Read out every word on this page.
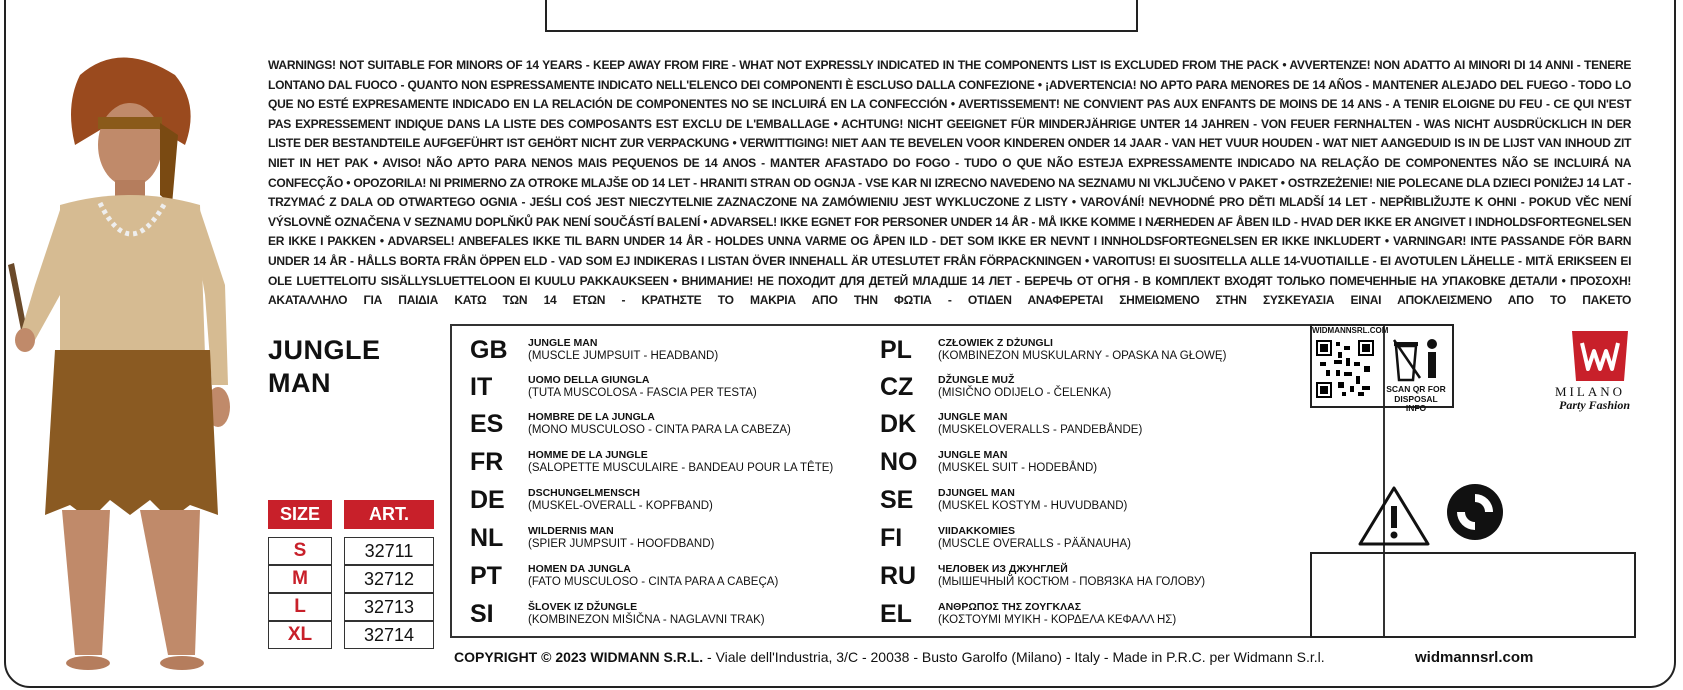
WARNINGS! NOT SUITABLE FOR MINORS OF 14 YEARS - KEEP AWAY FROM FIRE - WHAT NOT EXPRESSLY INDICATED IN THE COMPONENTS LIST IS EXCLUDED FROM THE PACK • AVVERTENZE! NON ADATTO AI MINORI DI 14 ANNI - TENERE LONTANO DAL FUOCO - QUANTO NON ESPRESSAMENTE INDICATO NELL'ELENCO DEI COMPONENTI È ESCLUSO DALLA CONFEZIONE • ¡ADVERTENCIA! NO APTO PARA MENORES DE 14 AÑOS - MANTENER ALEJADO DEL FUEGO - TODO LO QUE NO ESTÉ EXPRESAMENTE INDICADO EN LA RELACIÓN DE COMPONENTES NO SE INCLUIRÁ EN LA CONFECCIÓN • AVERTISSEMENT! NE CONVIENT PAS AUX ENFANTS DE MOINS DE 14 ANS - A TENIR ELOIGNE DU FEU - CE QUI N'EST PAS EXPRESSEMENT INDIQUE DANS LA LISTE DES COMPOSANTS EST EXCLU DE L'EMBALLAGE • ACHTUNG! NICHT GEEIGNET FÜR MINDERJÄHRIGE UNTER 14 JAHREN - VON FEUER FERNHALTEN - WAS NICHT AUSDRÜCKLICH IN DER LISTE DER BESTANDTEILE AUFGEFÜHRT IST GEHÖRT NICHT ZUR VERPACKUNG • VERWITTIGING! NIET AAN TE BEVELEN VOOR KINDEREN ONDER 14 JAAR - VAN HET VUUR HOUDEN - WAT NIET AANGEDUID IS IN DE LIJST VAN INHOUD ZIT NIET IN HET PAK • AVISO! NÃO APTO PARA NENOS MAIS PEQUENOS DE 14 ANOS - MANTER AFASTADO DO FOGO - TUDO O QUE NÃO ESTEJA EXPRESSAMENTE INDICADO NA RELAÇÃO DE COMPONENTES NÃO SE INCLUIRÁ NA CONFECÇÃO • OPOZORILA! NI PRIMERNO ZA OTROKE MLAJŠE OD 14 LET - HRANITI STRAN OD OGNJA - VSE KAR NI IZRECNO NAVEDENO NA SEZNAMU NI VKLJUČENO V PAKET • OSTRZEŻENIE! NIE POLECANE DLA DZIECI PONIŻEJ 14 LAT - TRZYMAĆ Z DALA OD OTWARTEGO OGNIA - JEŚLI COŚ JEST NIECZYTELNIE ZAZNACZONE NA ZAMÓWIENIU JEST WYKLUCZONE Z LISTY • VAROVÁNÍ! NEVHODNÉ PRO DĚTI MLADŠÍ 14 LET - NEPŘIBLIŽUJTE K OHNI - POKUD VĚC NENÍ VÝSLOVNĚ OZNAČENA V SEZNAMU DOPLŇKŮ PAK NENÍ SOUČÁSTÍ BALENÍ • ADVARSEL! IKKE EGNET FOR PERSONER UNDER 14 ÅR - MÅ IKKE KOMME I NÆRHEDEN AF ÅBEN ILD - HVAD DER IKKE ER ANGIVET I INDHOLDSFORTEGNELSEN ER IKKE I PAKKEN • ADVARSEL! ANBEFALES IKKE TIL BARN UNDER 14 ÅR - HOLDES UNNA VARME OG ÅPEN ILD - DET SOM IKKE ER NEVNT I INNHOLDSFORTEGNELSEN ER IKKE INKLUDERT • VARNINGAR! INTE PASSANDE FÖR BARN UNDER 14 ÅR - HÅLLS BORTA FRÅN ÖPPEN ELD - VAD SOM EJ INDIKERAS I LISTAN ÖVER INNEHALL ÄR UTESLUTET FRÅN FÖRPACKNINGEN • VAROITUS! EI SUOSITELLA ALLE 14-VUOTIAILLE - EI AVOTULEN LÄHELLE - MITÄ ERIKSEEN EI OLE LUETTELOITU SISÄLLYSLUETTELOON EI KUULU PAKKAUKSEEN • ВНИМАНИЕ! НЕ ПОХОДИТ ДЛЯ ДЕТЕЙ МЛАДШЕ 14 ЛЕТ - БЕРЕЧЬ ОТ ОГНЯ - В КОМПЛЕКТ ВХОДЯТ ТОЛЬКО ПОМЕЧЕННЫЕ НА УПАКОВКЕ ДЕТАЛИ • ΠΡΟΣΟΧΗ! ΑΚΑΤΑΛΛΗΛΟ ΓΙΑ ΠΑΙΔΙΑ ΚΑΤΩ ΤΩΝ 14 ΕΤΩΝ - ΚΡΑΤΗΣΤΕ ΤΟ ΜΑΚΡΙΑ ΑΠΟ ΤΗΝ ΦΩΤΙΑ - ΟΤΙΔΕΝ ΑΝΑΦΕΡΕΤΑΙ ΣΗΜΕΙΩΜΕΝΟ ΣΤΗΝ ΣΥΣΚΕΥΑΣΙΑ ΕΙΝΑΙ ΑΠΟΚΛΕΙΣΜΕΝΟ ΑΠΟ ΤΟ ΠΑΚΕΤΟ
JUNGLE
MAN
SIZE		ART.

S		32711
M		32712
L		32713
XL		32714
GB	JUNGLE MAN
(MUSCLE JUMPSUIT - HEADBAND)
IT	UOMO DELLA GIUNGLA
(TUTA MUSCOLOSA - FASCIA PER TESTA)
ES	HOMBRE DE LA JUNGLA
(MONO MUSCULOSO - CINTA PARA LA CABEZA)
FR	HOMME DE LA JUNGLE
(SALOPETTE MUSCULAIRE - BANDEAU POUR LA TÊTE)
DE	DSCHUNGELMENSCH
(MUSKEL-OVERALL - KOPFBAND)
NL	WILDERNIS MAN
(SPIER JUMPSUIT - HOOFDBAND)
PT	HOMEN DA JUNGLA
(FATO MUSCULOSO - CINTA PARA A CABEÇA)
SI	ŠLOVEK IZ DŽUNGLE
(KOMBINEZON MIŠIČNA - NAGLAVNI TRAK)
PL	CZŁOWIEK Z DŻUNGLI
(KOMBINEZON MUSKULARNY - OPASKA NA GŁOWĘ)
CZ	DŽUNGLE MUŽ
(MISIČNO ODIJELO - ČELENKA)
DK	JUNGLE MAN
(MUSKELOVERALLS - PANDEBÅNDE)
NO	JUNGLE MAN
(MUSKEL SUIT - HODEBÅND)
SE	DJUNGEL MAN
(MUSKEL KOSTYM - HUVUDBAND)
FI	VIIDAKKOMIES
(MUSCLE OVERALLS - PÄÄNAUHA)
RU	ЧЕЛОВЕК ИЗ ДЖУНГЛЕЙ
(МЫШЕЧНЫЙ КОСТЮМ - ПОВЯЗКА НА ГОЛОВУ)
EL	ΑΝΘΡΩΠΟΣ ΤΗΣ ΖΟΥΓΚΛΑΣ
(ΚΟΣΤΟΥΜΙ ΜΥΙΚΗ - ΚΟΡΔΕΛΑ ΚΕΦΑΛΛ ΗΣ)
COPYRIGHT © 2023 WIDMANN S.R.L. - Viale dell'Industria, 3/C - 20038 - Busto Garolfo (Milano) - Italy - Made in P.R.C. per Widmann S.r.l.	widmannsrl.com
WIDMANNSRL.COM
SCAN QR FOR DISPOSAL INFO
MILANO
Party Fashion
